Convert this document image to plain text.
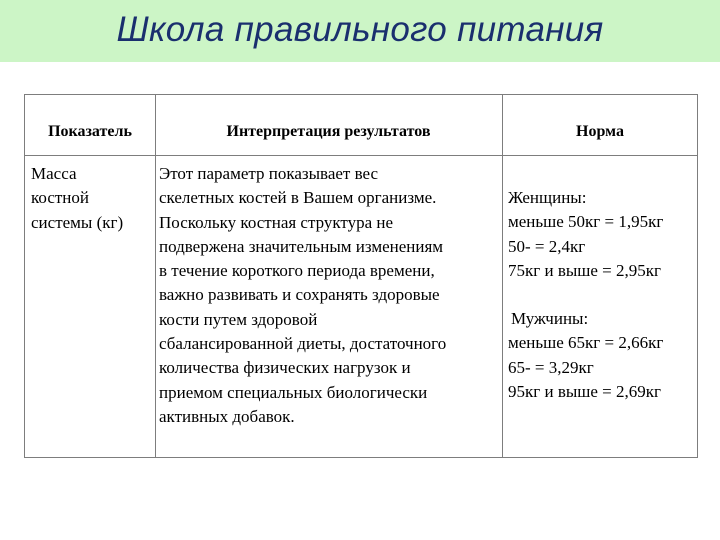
Школа правильного питания
Показатель	Интерпретация результатов	Норма
Масса
костной
системы (кг)
Этот параметр показывает вес
скелетных костей в Вашем организме.
Поскольку костная структура не
подвержена значительным изменениям
в течение короткого периода времени,
важно развивать и сохранять здоровые
кости путем здоровой
сбалансированной диеты, достаточного
количества физических нагрузок и
приемом специальных биологически
активных добавок.
Женщины:
меньше 50кг = 1,95кг
50- = 2,4кг
75кг и выше = 2,95кг
Мужчины:
меньше 65кг = 2,66кг
65- = 3,29кг
95кг и выше = 2,69кг
